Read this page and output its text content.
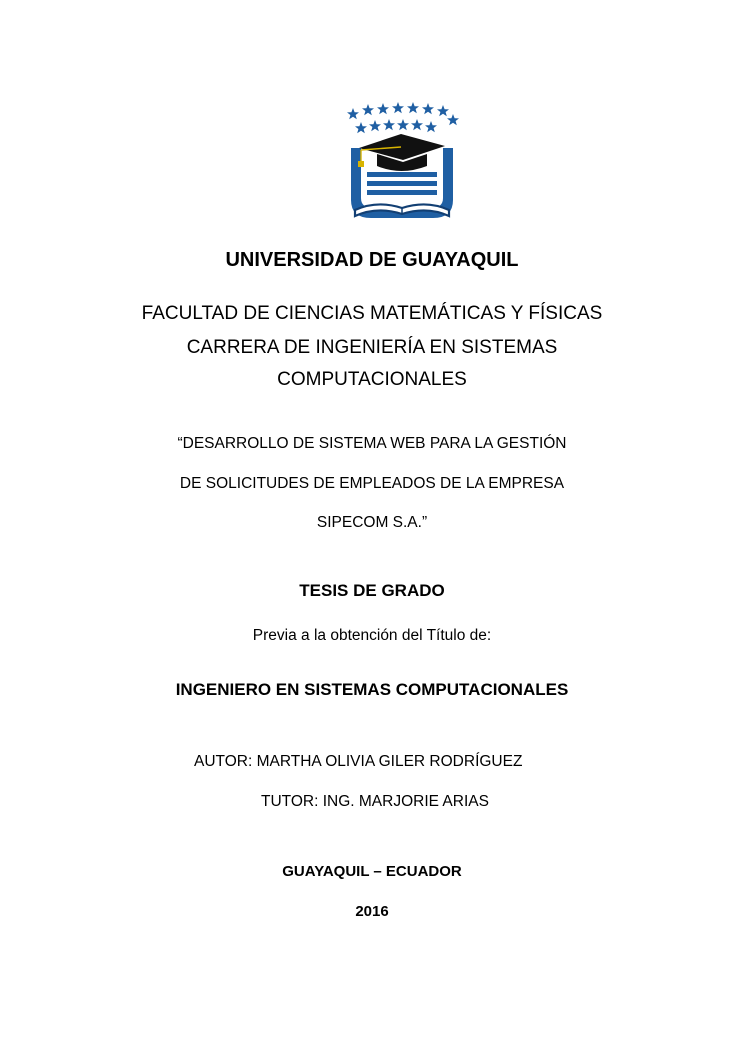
UNIVERSIDAD DE GUAYAQUIL
FACULTAD DE CIENCIAS MATEMÁTICAS Y FÍSICAS
CARRERA DE INGENIERÍA EN SISTEMAS
COMPUTACIONALES
“DESARROLLO DE SISTEMA WEB PARA LA GESTIÓN
DE SOLICITUDES DE EMPLEADOS DE LA EMPRESA
SIPECOM S.A.”
TESIS DE GRADO
Previa a la obtención del Título de:
INGENIERO EN SISTEMAS COMPUTACIONALES
AUTOR: MARTHA OLIVIA GILER RODRÍGUEZ
TUTOR: ING. MARJORIE ARIAS
GUAYAQUIL – ECUADOR
2016
